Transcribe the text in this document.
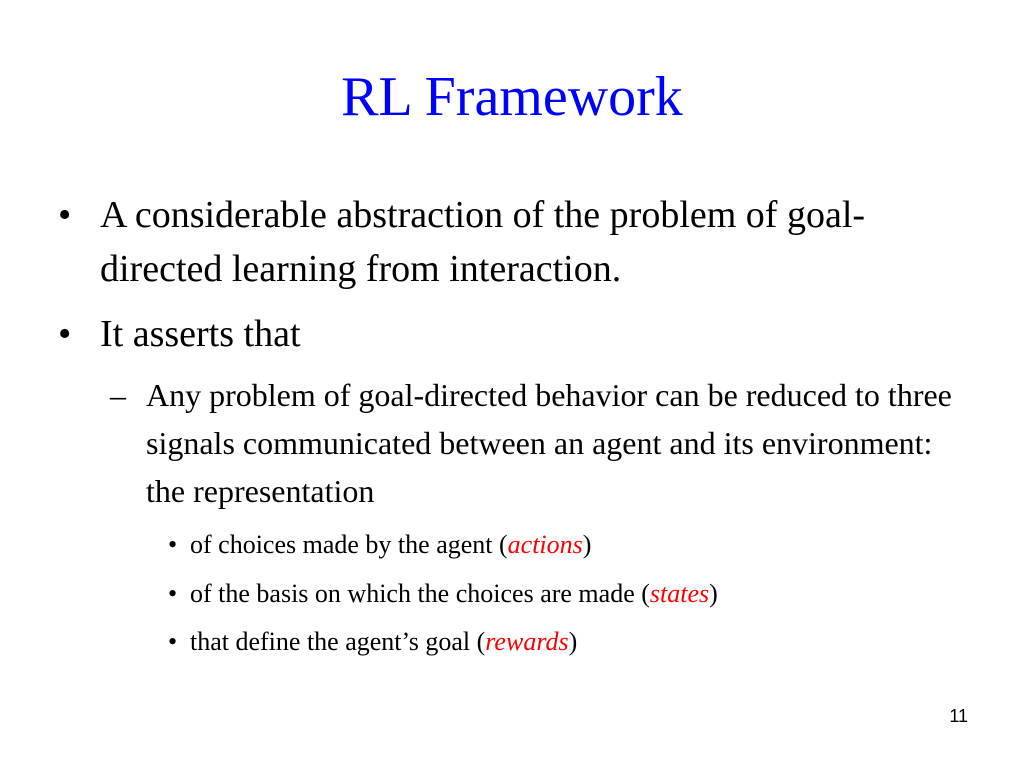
RL Framework
• A considerable abstraction of the problem of goal-directed learning from interaction.
• It asserts that
– Any problem of goal-directed behavior can be reduced to three signals communicated between an agent and its environment: the representation
• of choices made by the agent (actions)
• of the basis on which the choices are made (states)
• that define the agent’s goal (rewards)
11
